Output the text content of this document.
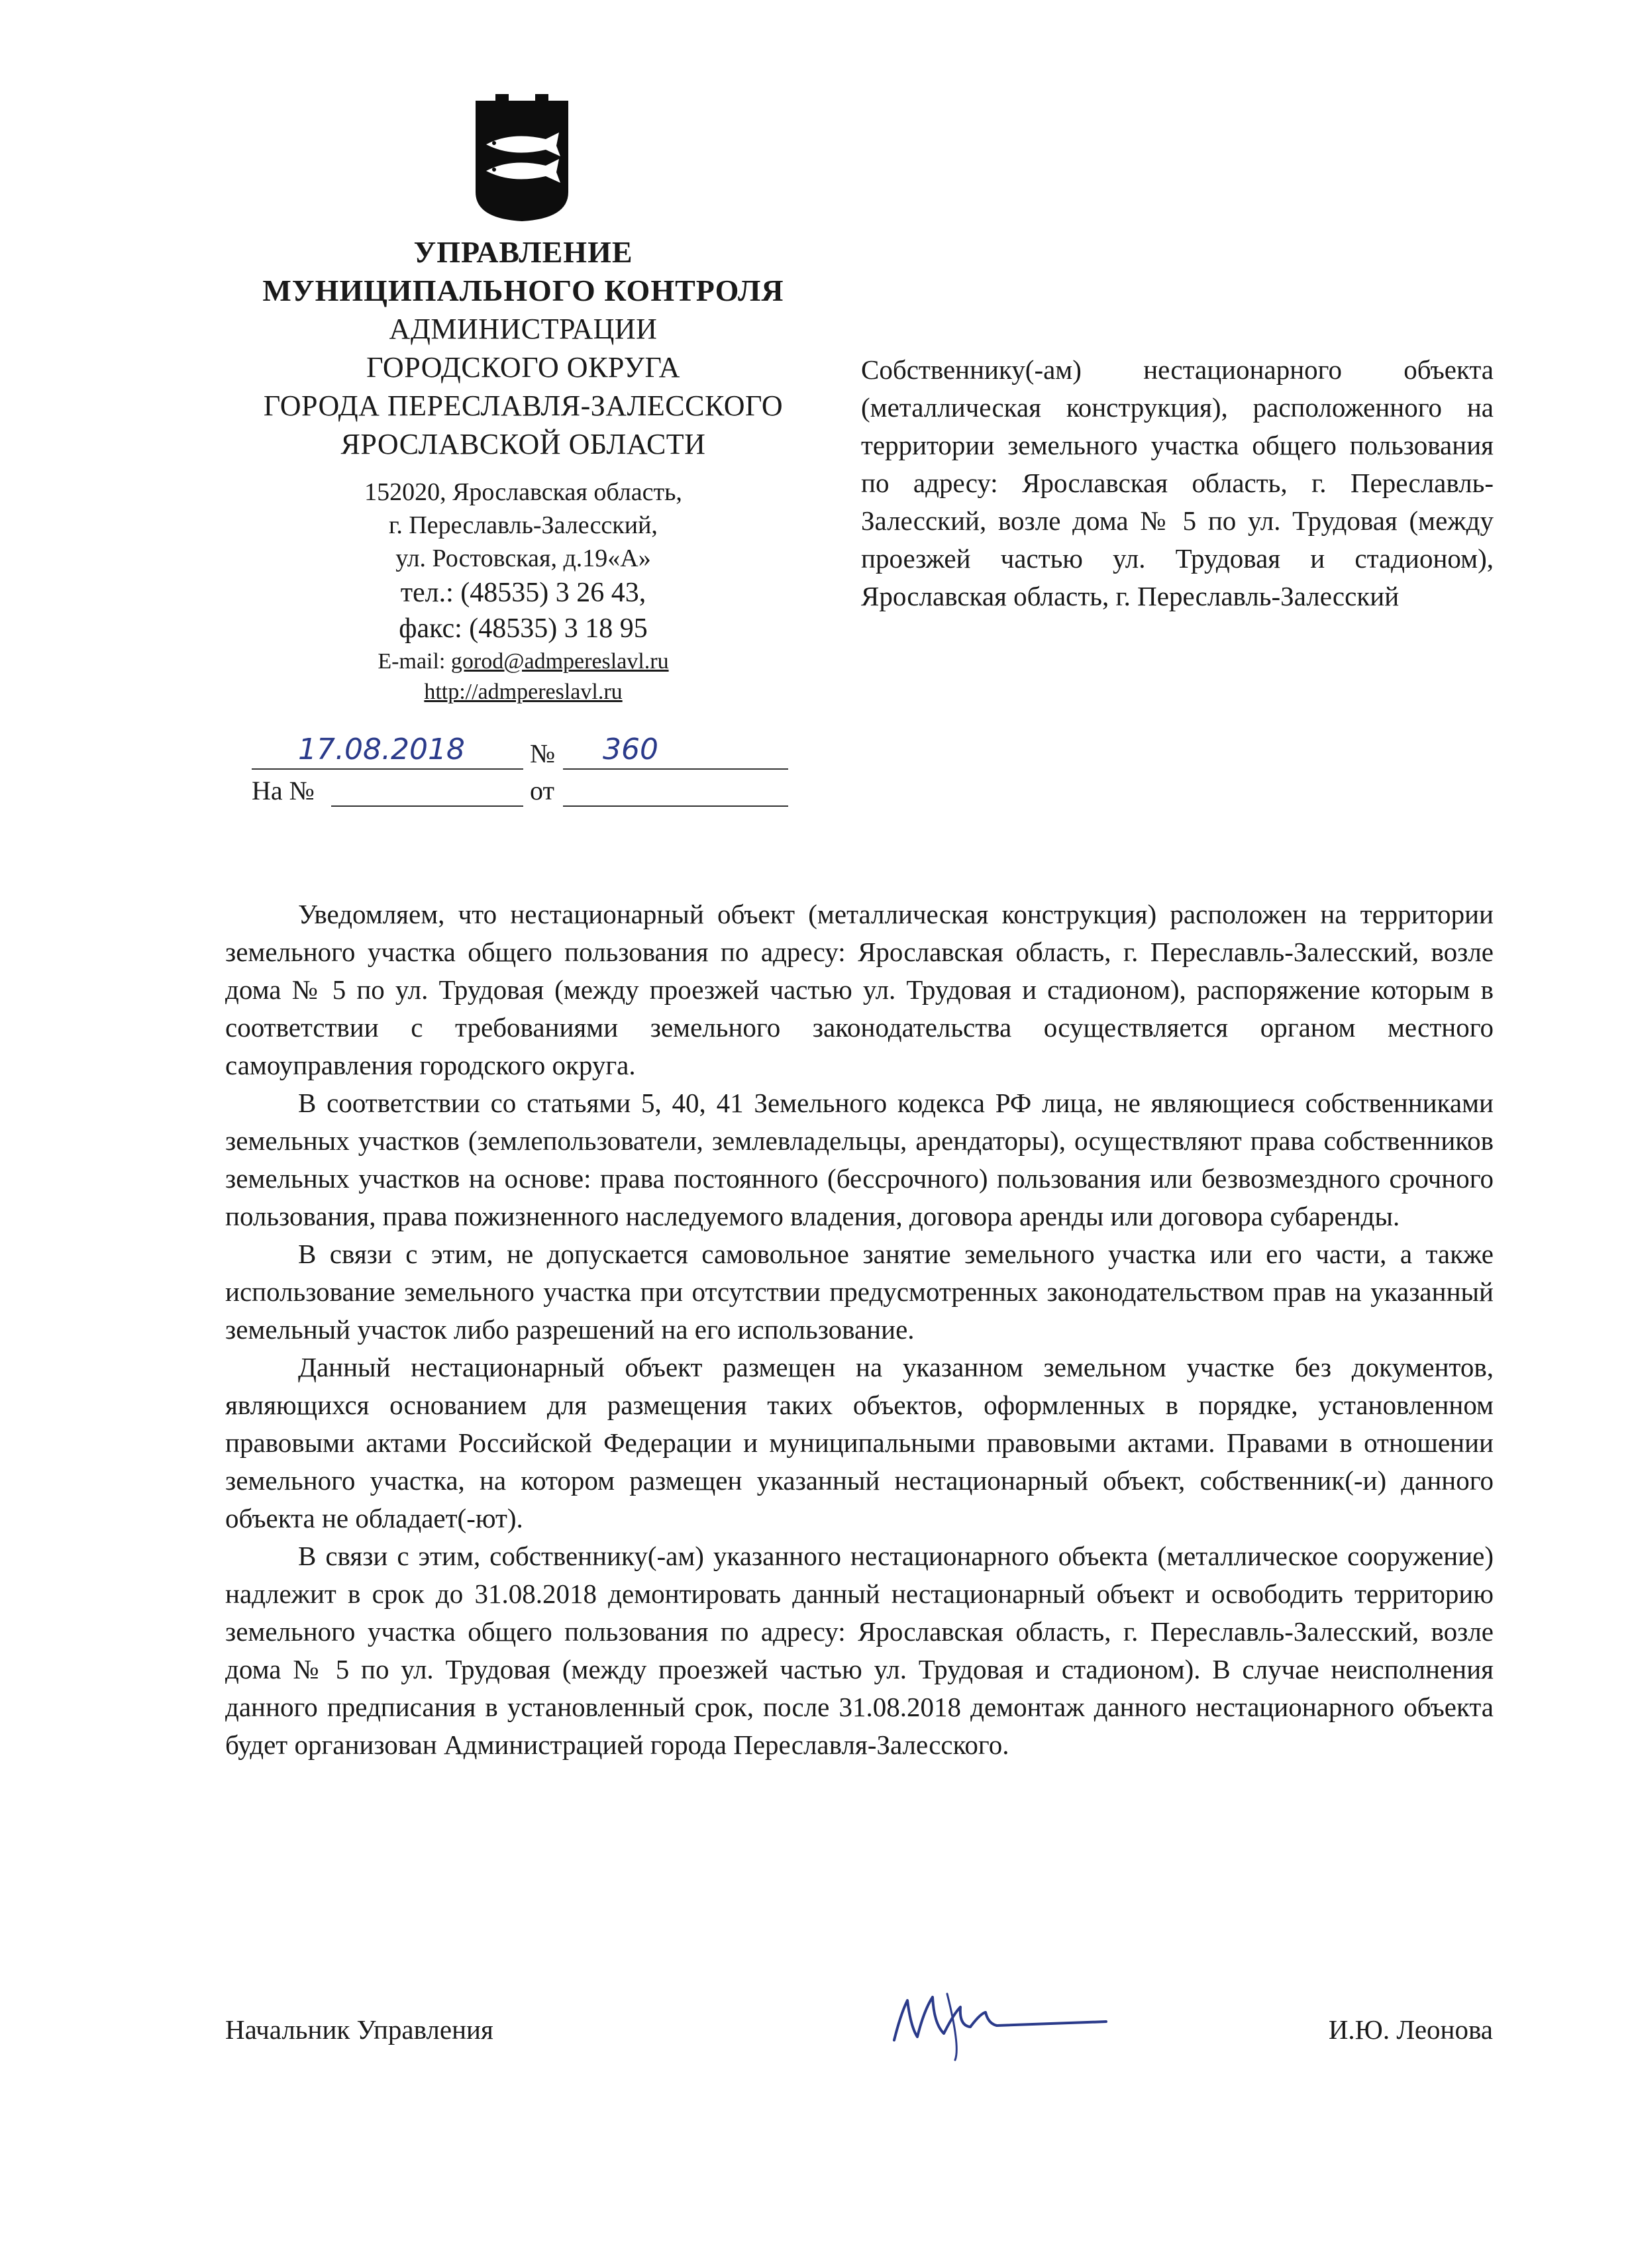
УПРАВЛЕНИЕ
МУНИЦИПАЛЬНОГО КОНТРОЛЯ
АДМИНИСТРАЦИИ
ГОРОДСКОГО ОКРУГА
ГОРОДА ПЕРЕСЛАВЛЯ-ЗАЛЕССКОГО
ЯРОСЛАВСКОЙ ОБЛАСТИ
152020, Ярославская область,
г. Переславль-Залесский,
ул. Ростовская, д.19«А»
тел.: (48535) 3 26 43,
факс: (48535) 3 18 95
E-mail: gorod@admpereslavl.ru
http://admpereslavl.ru
17.08.2018 № 360
На №	от
Собственнику(-ам) нестационарного объекта (металлическая конструкция), расположенного на территории земельного участка общего пользования по адресу: Ярославская область, г. Переславль-Залесский, возле дома № 5 по ул. Трудовая (между проезжей частью ул. Трудовая и стадионом), Ярославская область, г. Переславль-Залесский

Уведомляем, что нестационарный объект (металлическая конструкция) расположен на территории земельного участка общего пользования по адресу: Ярославская область, г. Переславль-Залесский, возле дома № 5 по ул. Трудовая (между проезжей частью ул. Трудовая и стадионом), распоряжение которым в соответствии с требованиями земельного законодательства осуществляется органом местного самоуправления городского округа.

В соответствии со статьями 5, 40, 41 Земельного кодекса РФ лица, не являющиеся собственниками земельных участков (землепользователи, землевладельцы, арендаторы), осуществляют права собственников земельных участков на основе: права постоянного (бессрочного) пользования или безвозмездного срочного пользования, права пожизненного наследуемого владения, договора аренды или договора субаренды.

В связи с этим, не допускается самовольное занятие земельного участка или его части, а также использование земельного участка при отсутствии предусмотренных законодательством прав на указанный земельный участок либо разрешений на его использование.

Данный нестационарный объект размещен на указанном земельном участке без документов, являющихся основанием для размещения таких объектов, оформленных в порядке, установленном правовыми актами Российской Федерации и муниципальными правовыми актами. Правами в отношении земельного участка, на котором размещен указанный нестационарный объект, собственник(-и) данного объекта не обладает(-ют).

В связи с этим, собственнику(-ам) указанного нестационарного объекта (металлическое сооружение) надлежит в срок до 31.08.2018 демонтировать данный нестационарный объект и освободить территорию земельного участка общего пользования по адресу: Ярославская область, г. Переславль-Залесский, возле дома № 5 по ул. Трудовая (между проезжей частью ул. Трудовая и стадионом). В случае неисполнения данного предписания в установленный срок, после 31.08.2018 демонтаж данного нестационарного объекта будет организован Администрацией города Переславля-Залесского.

Начальник Управления	И.Ю. Леонова
